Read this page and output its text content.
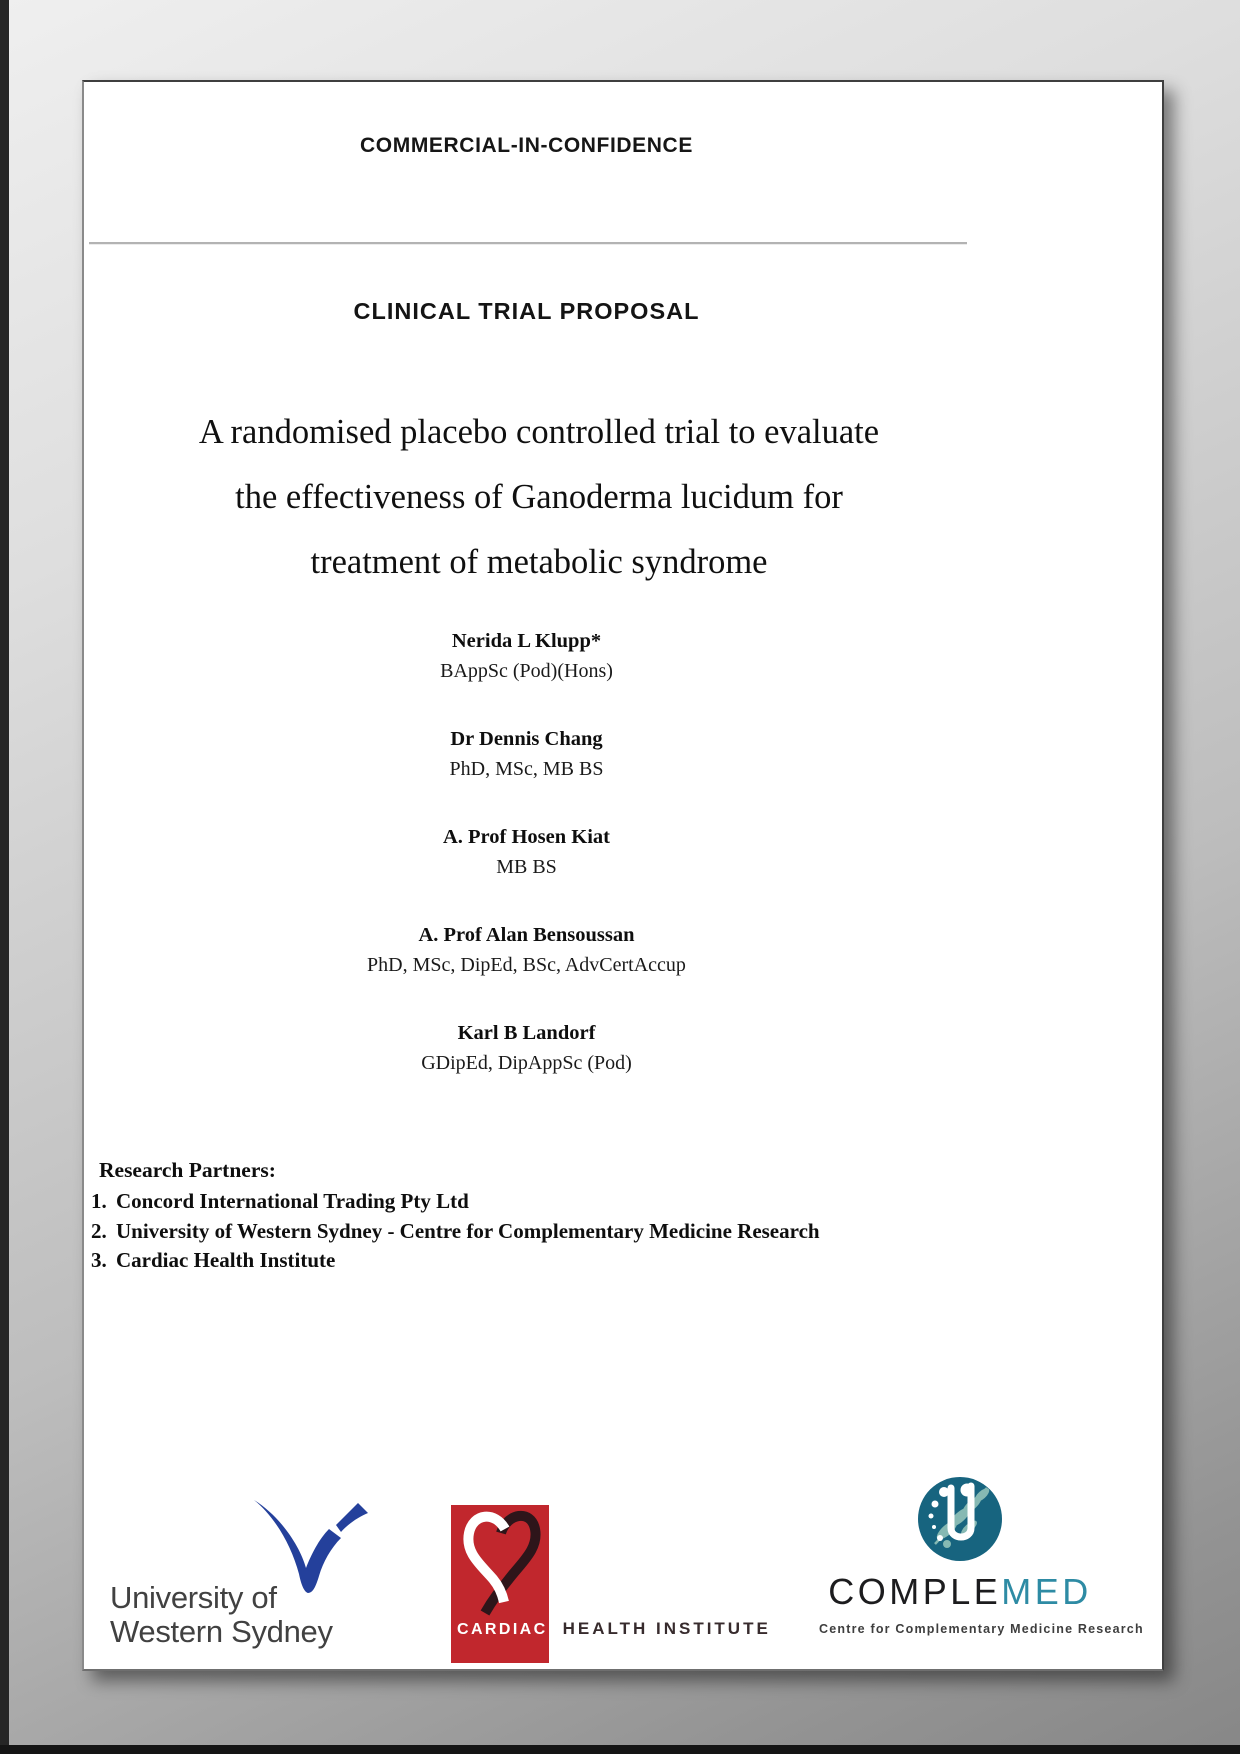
COMMERCIAL-IN-CONFIDENCE
CLINICAL TRIAL PROPOSAL
A randomised placebo controlled trial to evaluate
the effectiveness of Ganoderma lucidum for
treatment of metabolic syndrome
Nerida L Klupp*
BAppSc (Pod)(Hons)
Dr Dennis Chang
PhD, MSc, MB BS
A. Prof Hosen Kiat
MB BS
A. Prof Alan Bensoussan
PhD, MSc, DipEd, BSc, AdvCertAccup
Karl B Landorf
GDipEd, DipAppSc (Pod)
Research Partners:
1. Concord International Trading Pty Ltd
2. University of Western Sydney - Centre for Complementary Medicine Research
3. Cardiac Health Institute
University of
Western Sydney	CARDIAC HEALTH INSTITUTE
COMPLEMED
Centre for Complementary Medicine Research
